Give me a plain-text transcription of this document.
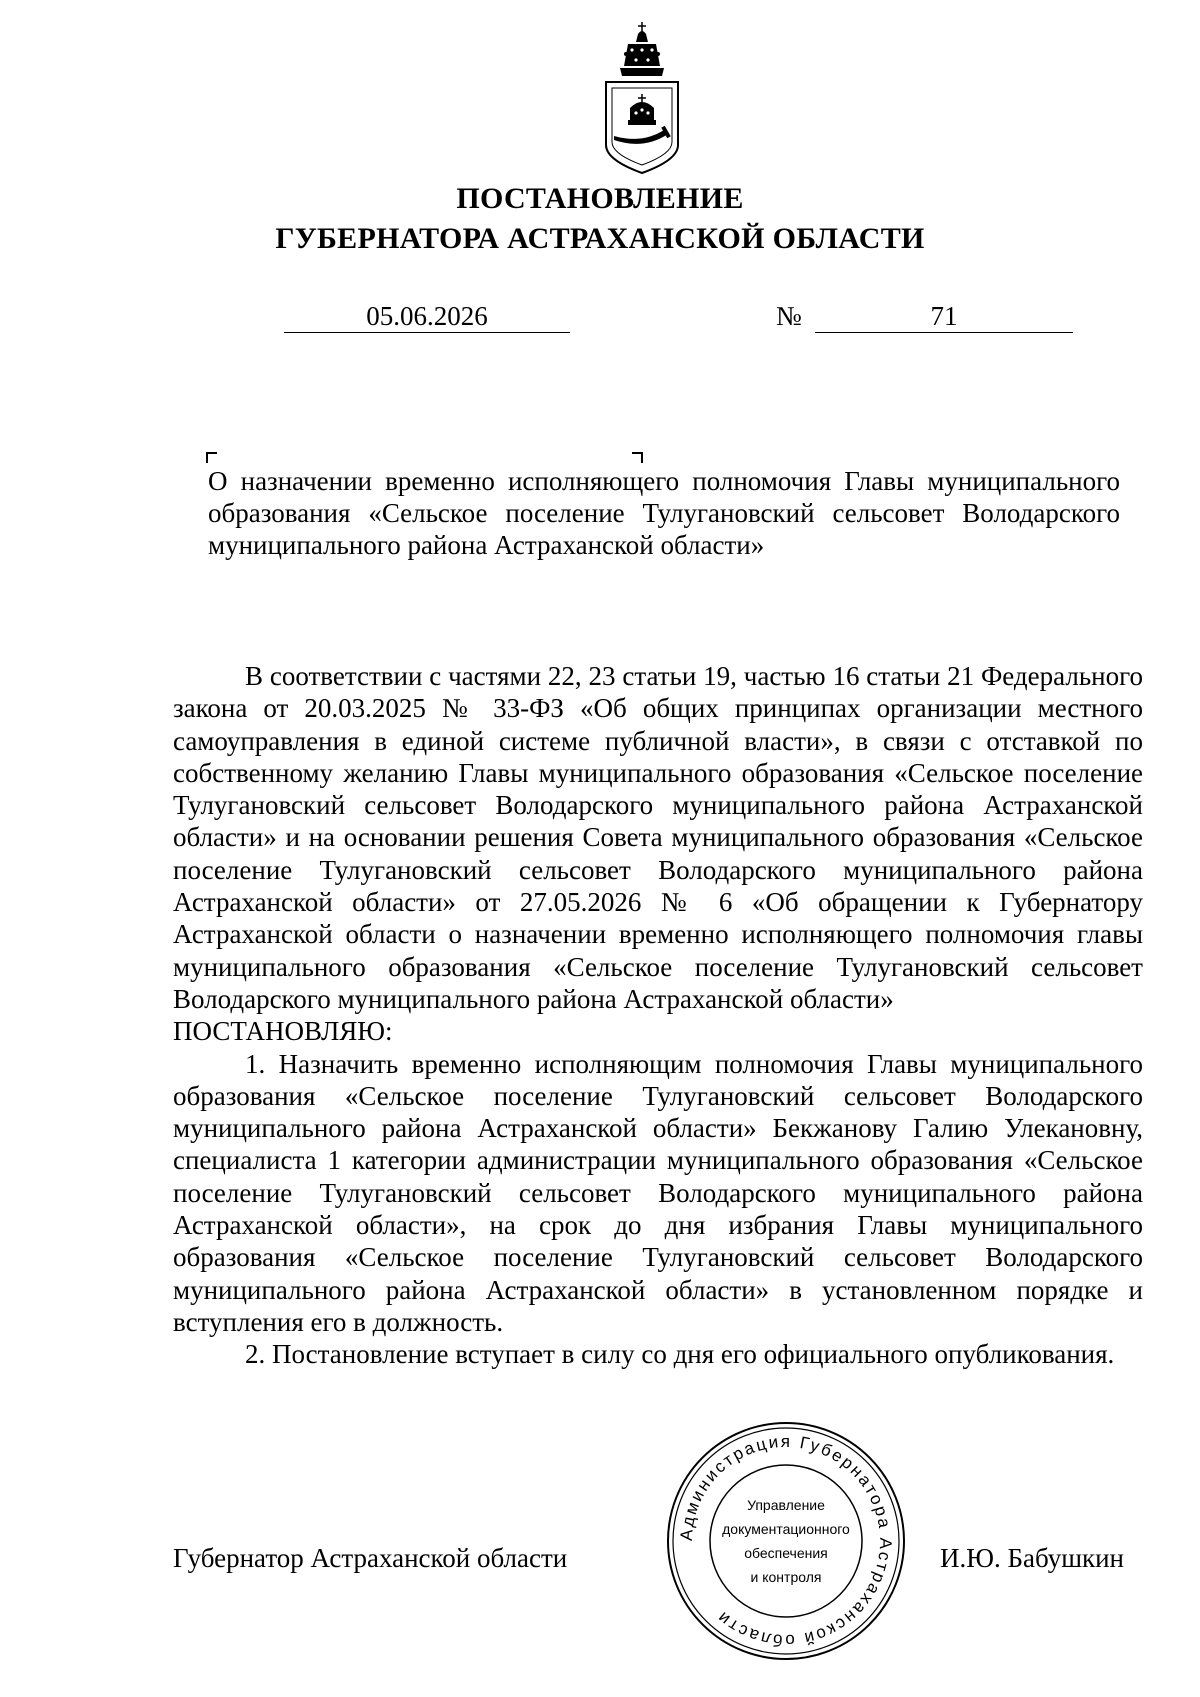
ПОСТАНОВЛЕНИЕ
ГУБЕРНАТОРА АСТРАХАНСКОЙ ОБЛАСТИ
05.06.2026	№	71
О назначении временно исполняющего полномочия Главы муниципального образования «Сельское поселение Тулугановский сельсовет Володарского муниципального района Астраханской области»

В соответствии с частями 22, 23 статьи 19, частью 16 статьи 21 Федерального закона от 20.03.2025 № 33-ФЗ «Об общих принципах организации местного самоуправления в единой системе публичной власти», в связи с отставкой по собственному желанию Главы муниципального образования «Сельское поселение Тулугановский сельсовет Володарского муниципального района Астраханской области» и на основании решения Совета муниципального образования «Сельское поселение Тулугановский сельсовет Володарского муниципального района Астраханской области» от 27.05.2026 № 6 «Об обращении к Губернатору Астраханской области о назначении временно исполняющего полномочия главы муниципального образования «Сельское поселение Тулугановский сельсовет Володарского муниципального района Астраханской области»

ПОСТАНОВЛЯЮ:

1. Назначить временно исполняющим полномочия Главы муниципального образования «Сельское поселение Тулугановский сельсовет Володарского муниципального района Астраханской области» Бекжанову Галию Улекановну, специалиста 1 категории администрации муниципального образования «Сельское поселение Тулугановский сельсовет Володарского муниципального района Астраханской области», на срок до дня избрания Главы муниципального образования «Сельское поселение Тулугановский сельсовет Володарского муниципального района Астраханской области» в установленном порядке и вступления его в должность.

2. Постановление вступает в силу со дня его официального опубликования.

Губернатор Астраханской области	И.Ю. Бабушкин
Администрация Губернатора Астраханской области
Управление
документационного
обеспечения
и контроля
